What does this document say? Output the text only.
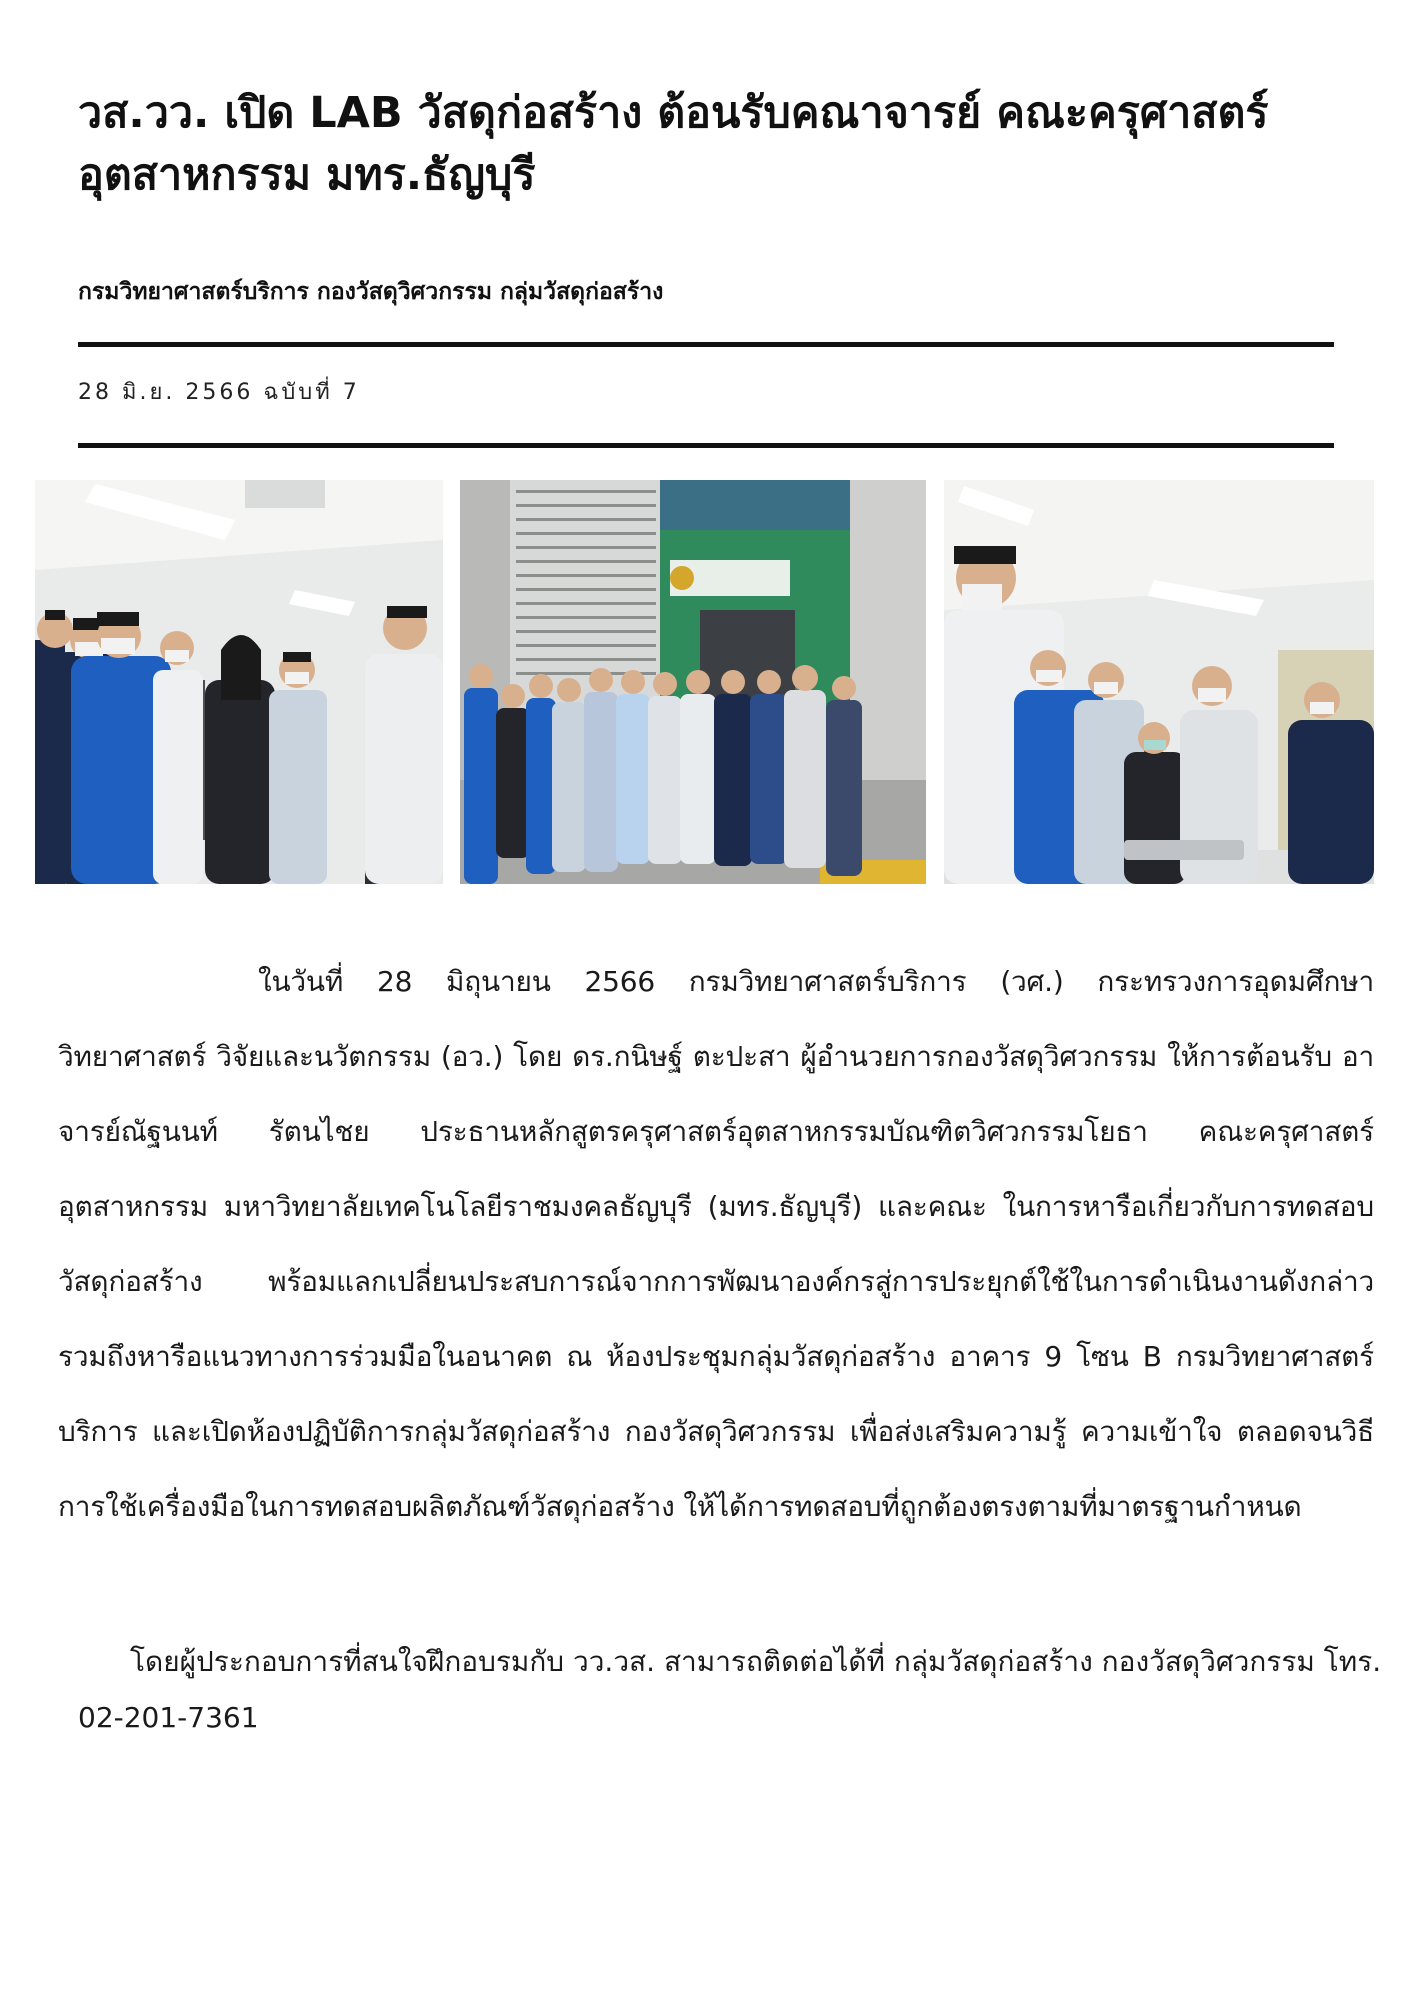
วส.วว. เปิด LAB วัสดุก่อสร้าง ต้อนรับคณาจารย์ คณะครุศาสตร์
อุตสาหกรรม มทร.ธัญบุรี
กรมวิทยาศาสตร์บริการ กองวัสดุวิศวกรรม กลุ่มวัสดุก่อสร้าง
28 มิ.ย. 2566 ฉบับที่ 7

ในวันที่ 28 มิถุนายน 2566 กรมวิทยาศาสตร์บริการ (วศ.) กระทรวงการอุดมศึกษา วิทยาศาสตร์ วิจัยและนวัตกรรม (อว.) โดย ดร.กนิษฐ์ ตะปะสา ผู้อำนวยการกองวัสดุวิศวกรรม ให้การต้อนรับ อาจารย์ณัฐนนท์ รัตนไชย ประธานหลักสูตรครุศาสตร์อุตสาหกรรมบัณฑิตวิศวกรรมโยธา คณะครุศาสตร์อุตสาหกรรม มหาวิทยาลัยเทคโนโลยีราชมงคลธัญบุรี (มทร.ธัญบุรี) และคณะ ในการหารือเกี่ยวกับการทดสอบวัสดุก่อสร้าง พร้อมแลกเปลี่ยนประสบการณ์จากการพัฒนาองค์กรสู่การประยุกต์ใช้ในการดำเนินงานดังกล่าว รวมถึงหารือแนวทางการร่วมมือในอนาคต ณ ห้องประชุมกลุ่มวัสดุก่อสร้าง อาคาร 9 โซน B กรมวิทยาศาสตร์บริการ และเปิดห้องปฏิบัติการกลุ่มวัสดุก่อสร้าง กองวัสดุวิศวกรรม เพื่อส่งเสริมความรู้ ความเข้าใจ ตลอดจนวิธีการใช้เครื่องมือในการทดสอบผลิตภัณฑ์วัสดุก่อสร้าง ให้ได้การทดสอบที่ถูกต้องตรงตามที่มาตรฐานกำหนด

โดยผู้ประกอบการที่สนใจฝึกอบรมกับ วว.วส. สามารถติดต่อได้ที่ กลุ่มวัสดุก่อสร้าง กองวัสดุวิศวกรรม โทร. 02-201-7361
